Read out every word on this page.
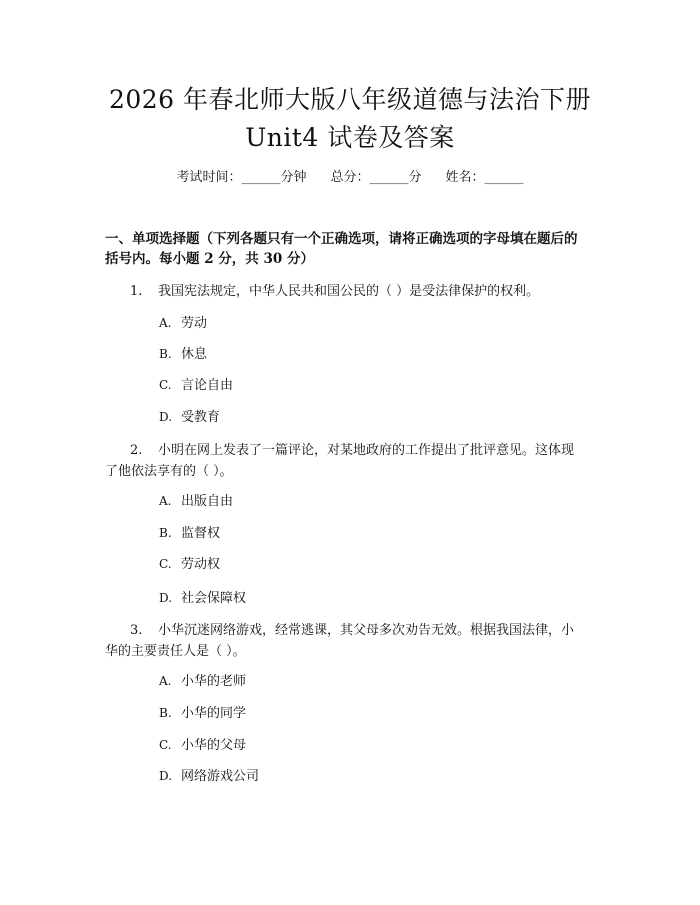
2026 年春北师大版八年级道德与法治下册
Unit4 试卷及答案
考试时间：______分钟 总分：______分 姓名：______
一、单项选择题（下列各题只有一个正确选项，请将正确选项的字母填在题后的
括号内。每小题 2 分，共 30 分）
1. 我国宪法规定，中华人民共和国公民的（ ）是受法律保护的权利。
A. 劳动
B. 休息
C. 言论自由
D. 受教育
2. 小明在网上发表了一篇评论，对某地政府的工作提出了批评意见。这体现
了他依法享有的（ ）。
A. 出版自由
B. 监督权
C. 劳动权
D. 社会保障权
3. 小华沉迷网络游戏，经常逃课，其父母多次劝告无效。根据我国法律，小
华的主要责任人是（ ）。
A. 小华的老师
B. 小华的同学
C. 小华的父母
D. 网络游戏公司
